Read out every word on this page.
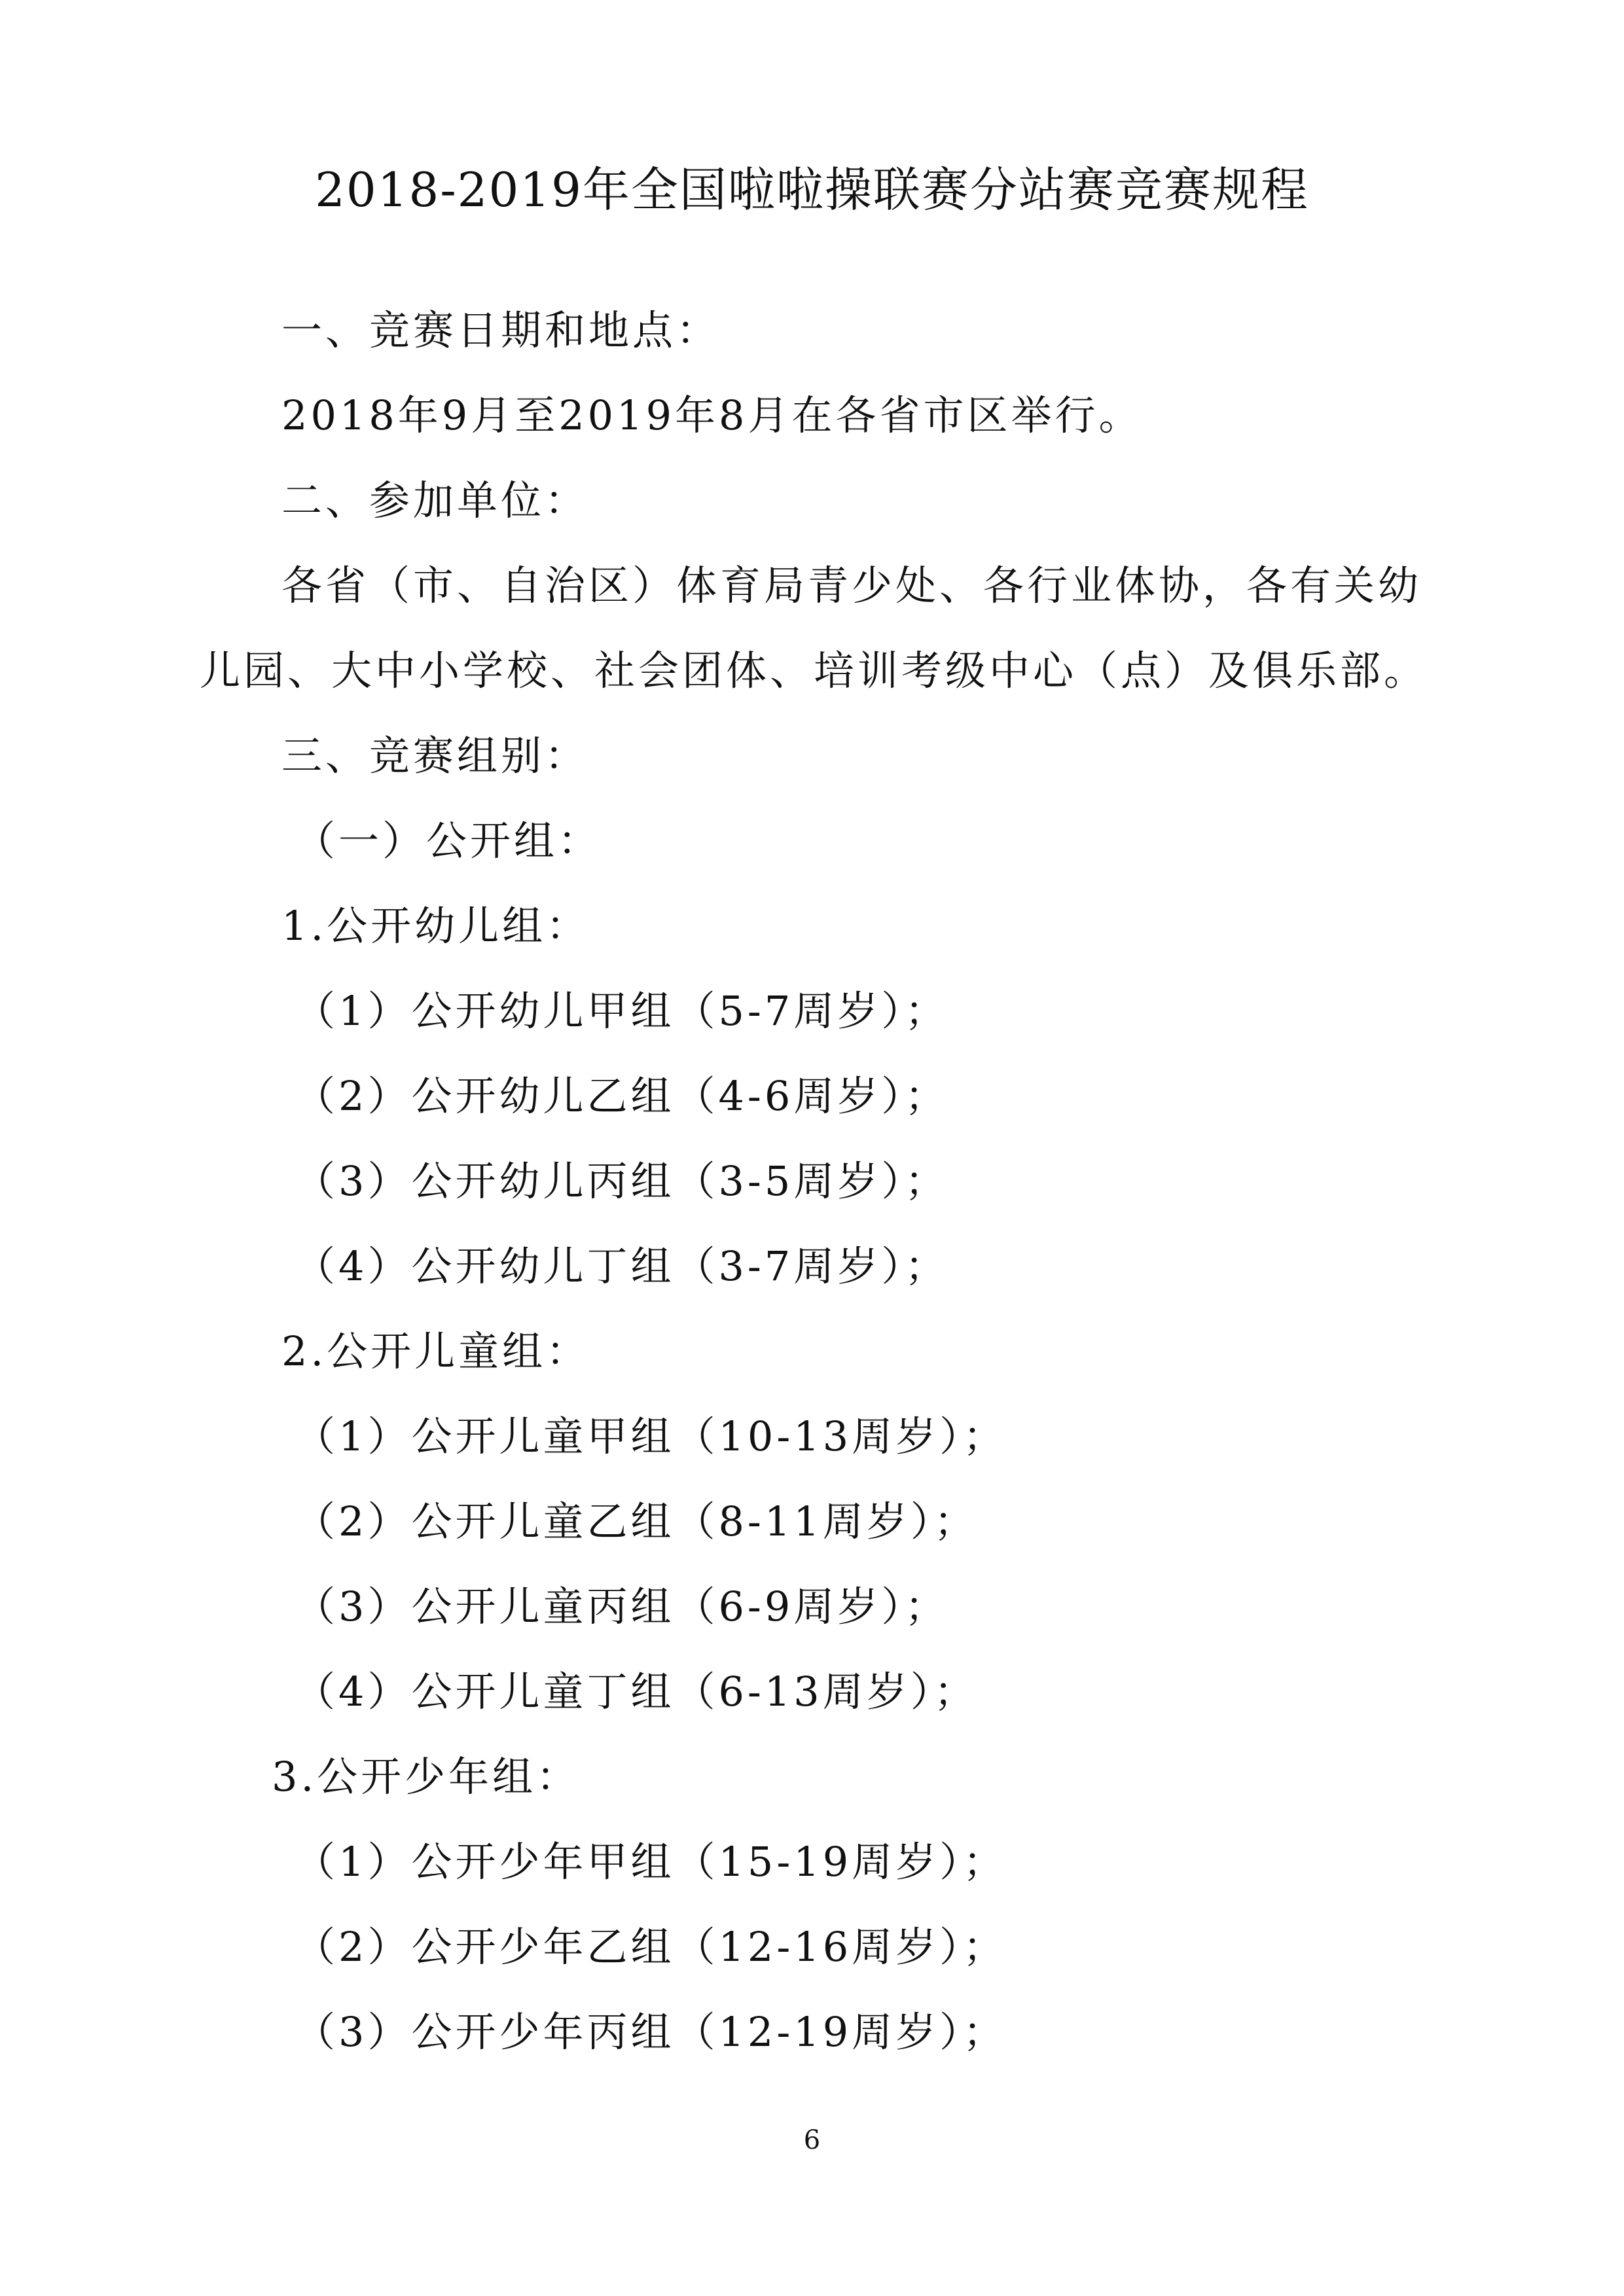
2018-2019年全国啦啦操联赛分站赛竞赛规程
一、竞赛日期和地点：
2018年9月至2019年8月在各省市区举行。
二、参加单位：
各省（市、自治区）体育局青少处、各行业体协，各有关幼
儿园、大中小学校、社会团体、培训考级中心（点）及俱乐部。
三、竞赛组别：
（一）公开组：
1.公开幼儿组：
（1）公开幼儿甲组（5-7周岁）；
（2）公开幼儿乙组（4-6周岁）；
（3）公开幼儿丙组（3-5周岁）；
（4）公开幼儿丁组（3-7周岁）；
2.公开儿童组：
（1）公开儿童甲组（10-13周岁）；
（2）公开儿童乙组（8-11周岁）；
（3）公开儿童丙组（6-9周岁）；
（4）公开儿童丁组（6-13周岁）；
3.公开少年组：
（1）公开少年甲组（15-19周岁）；
（2）公开少年乙组（12-16周岁）；
（3）公开少年丙组（12-19周岁）；
6
